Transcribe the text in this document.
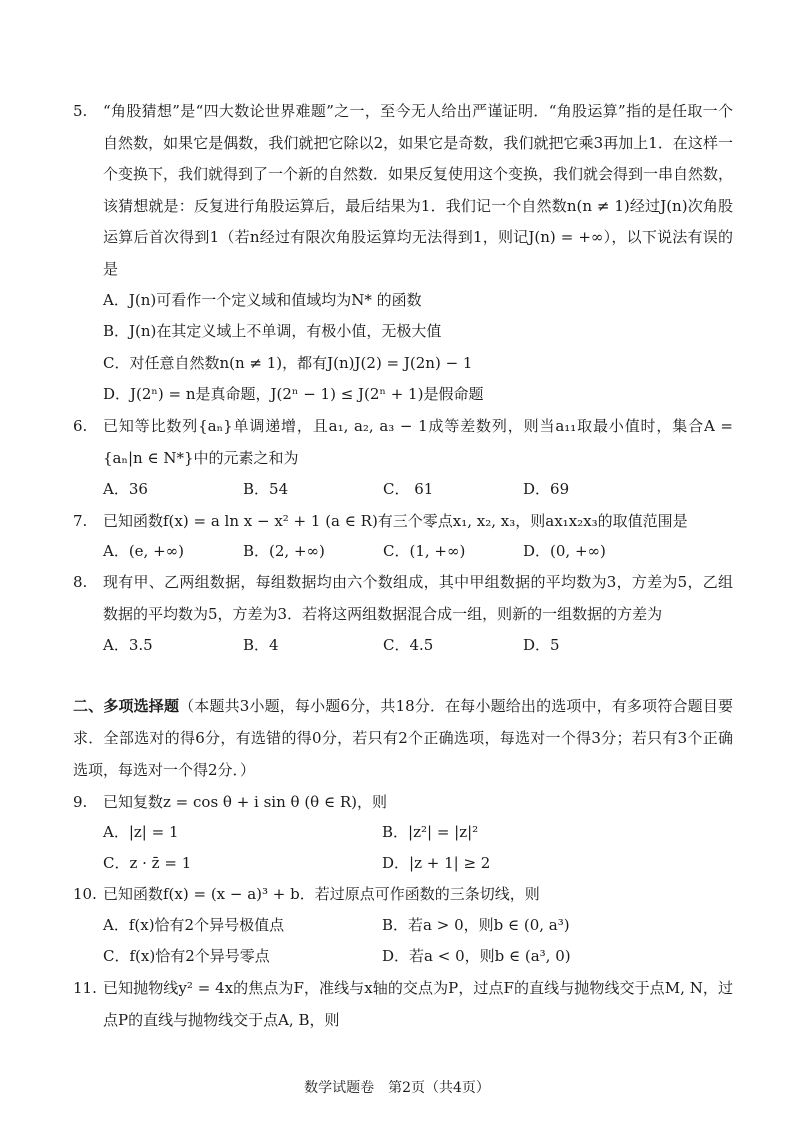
5.	“角股猜想”是“四大数论世界难题”之一，至今无人给出严谨证明．“角股运算”指的是任取一个自然数，如果它是偶数，我们就把它除以2，如果它是奇数，我们就把它乘3再加上1．在这样一个变换下，我们就得到了一个新的自然数．如果反复使用这个变换，我们就会得到一串自然数，该猜想就是：反复进行角股运算后，最后结果为1．我们记一个自然数n(n ≠ 1)经过J(n)次角股运算后首次得到1（若n经过有限次角股运算均无法得到1，则记J(n) = +∞），以下说法有误的是
A．J(n)可看作一个定义域和值域均为N* 的函数
B．J(n)在其定义域上不单调，有极小值，无极大值
C．对任意自然数n(n ≠ 1)，都有J(n)J(2) = J(2n) − 1
D．J(2ⁿ) = n是真命题，J(2ⁿ − 1) ≤ J(2ⁿ + 1)是假命题
6.	已知等比数列{aₙ}单调递增，且a₁, a₂, a₃ − 1成等差数列，则当a₁₁取最小值时，集合A = {aₙ|n ∈ N*}中的元素之和为
A．36	B．54	C． 61	D．69
7.	已知函数f(x) = a ln x − x² + 1 (a ∈ R)有三个零点x₁, x₂, x₃，则ax₁x₂x₃的取值范围是
A．(e, +∞)	B．(2, +∞)	C．(1, +∞)	D．(0, +∞)
8.	现有甲、乙两组数据，每组数据均由六个数组成，其中甲组数据的平均数为3，方差为5，乙组数据的平均数为5，方差为3．若将这两组数据混合成一组，则新的一组数据的方差为
A．3.5	B．4	C．4.5	D．5
二、多项选择题（本题共3小题，每小题6分，共18分．在每小题给出的选项中，有多项符合题目要求．全部选对的得6分，有选错的得0分，若只有2个正确选项，每选对一个得3分；若只有3个正确选项，每选对一个得2分．）
9.	已知复数z = cos θ + i sin θ (θ ∈ R)，则
A．|z| = 1	B．|z²| = |z|²
C．z · z̄ = 1	D．|z + 1| ≥ 2
10. 已知函数f(x) = (x − a)³ + b．若过原点可作函数的三条切线，则
A．f(x)恰有2个异号极值点	B．若a > 0，则b ∈ (0, a³)
C．f(x)恰有2个异号零点	D．若a < 0，则b ∈ (a³, 0)
11. 已知抛物线y² = 4x的焦点为F，准线与x轴的交点为P，过点F的直线与抛物线交于点M, N，过点P的直线与抛物线交于点A, B，则
数学试题卷　第2页（共4页）
